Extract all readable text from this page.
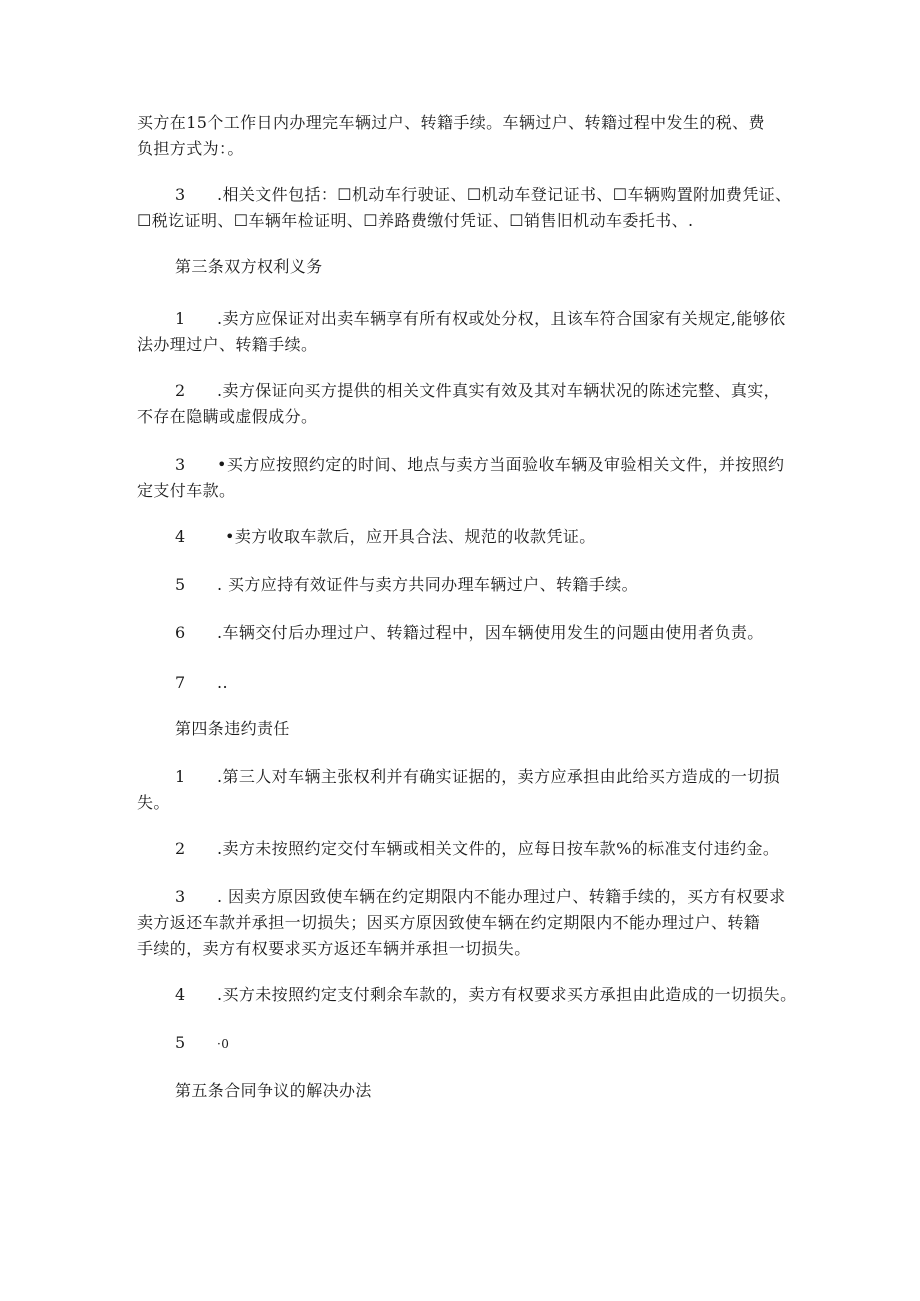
买方在15个工作日内办理完车辆过户、转籍手续。车辆过户、转籍过程中发生的税、费
负担方式为：。
3 .相关文件包括：☐机动车行驶证、☐机动车登记证书、☐车辆购置附加费凭证、
☐税讫证明、☐车辆年检证明、☐养路费缴付凭证、☐销售旧机动车委托书、.
第三条双方权利义务
1 .卖方应保证对出卖车辆享有所有权或处分权，且该车符合国家有关规定,能够依
法办理过户、转籍手续。
2 .卖方保证向买方提供的相关文件真实有效及其对车辆状况的陈述完整、真实，
不存在隐瞒或虚假成分。
3 •买方应按照约定的时间、地点与卖方当面验收车辆及审验相关文件，并按照约
定支付车款。
4 •卖方收取车款后，应开具合法、规范的收款凭证。
5 . 买方应持有效证件与卖方共同办理车辆过户、转籍手续。
6 .车辆交付后办理过户、转籍过程中，因车辆使用发生的问题由使用者负责。
7 ..
第四条违约责任
1 .第三人对车辆主张权利并有确实证据的，卖方应承担由此给买方造成的一切损
失。
2 .卖方未按照约定交付车辆或相关文件的，应每日按车款%的标准支付违约金。
3 . 因卖方原因致使车辆在约定期限内不能办理过户、转籍手续的，买方有权要求
卖方返还车款并承担一切损失；因买方原因致使车辆在约定期限内不能办理过户、转籍
手续的，卖方有权要求买方返还车辆并承担一切损失。
4 .买方未按照约定支付剩余车款的，卖方有权要求买方承担由此造成的一切损失。
5	·0
第五条合同争议的解决办法
